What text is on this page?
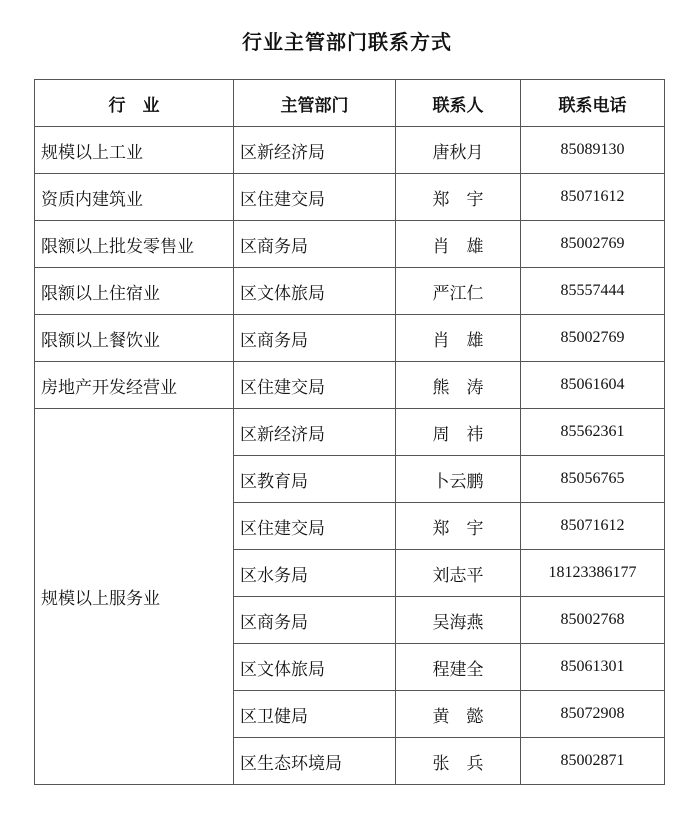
行业主管部门联系方式
行　业	主管部门	联系人	联系电话
规模以上工业	区新经济局	唐秋月	85089130
资质内建筑业	区住建交局	郑　宇	85071612
限额以上批发零售业	区商务局	肖　雄	85002769
限额以上住宿业	区文体旅局	严江仁	85557444
限额以上餐饮业	区商务局	肖　雄	85002769
房地产开发经营业	区住建交局	熊　涛	85061604
规模以上服务业	区新经济局	周　祎	85562361
	区教育局	卜云鹏	85056765
	区住建交局	郑　宇	85071612
	区水务局	刘志平	18123386177
	区商务局	吴海燕	85002768
	区文体旅局	程建全	85061301
	区卫健局	黄　懿	85072908
	区生态环境局	张　兵	85002871
